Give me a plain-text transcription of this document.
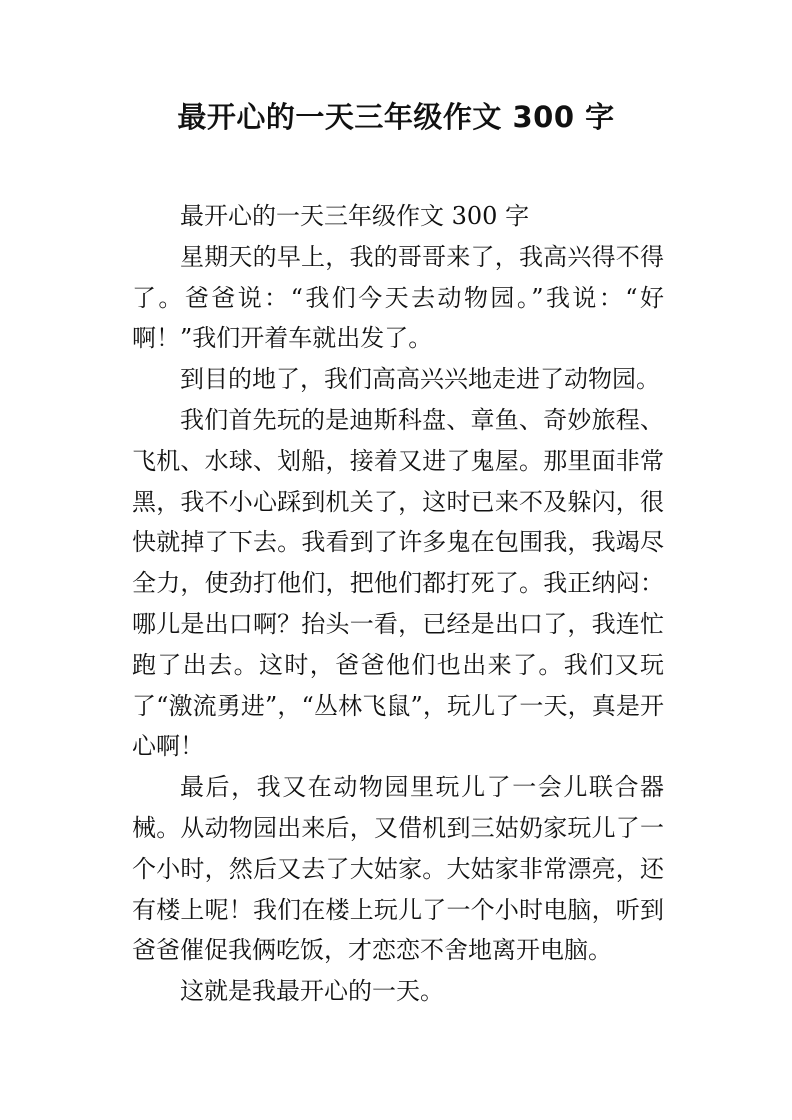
最开心的一天三年级作文 300 字

最开心的一天三年级作文 300 字

星期天的早上，我的哥哥来了，我高兴得不得了。爸爸说：“我们今天去动物园。”我说：“好啊！”我们开着车就出发了。

到目的地了，我们高高兴兴地走进了动物园。

我们首先玩的是迪斯科盘、章鱼、奇妙旅程、飞机、水球、划船，接着又进了鬼屋。那里面非常黑，我不小心踩到机关了，这时已来不及躲闪，很快就掉了下去。我看到了许多鬼在包围我，我竭尽全力，使劲打他们，把他们都打死了。我正纳闷：哪儿是出口啊？抬头一看，已经是出口了，我连忙跑了出去。这时，爸爸他们也出来了。我们又玩了“激流勇进”，“丛林飞鼠”，玩儿了一天，真是开心啊！

最后，我又在动物园里玩儿了一会儿联合器械。从动物园出来后，又借机到三姑奶家玩儿了一个小时，然后又去了大姑家。大姑家非常漂亮，还有楼上呢！我们在楼上玩儿了一个小时电脑，听到爸爸催促我俩吃饭，才恋恋不舍地离开电脑。

这就是我最开心的一天。
